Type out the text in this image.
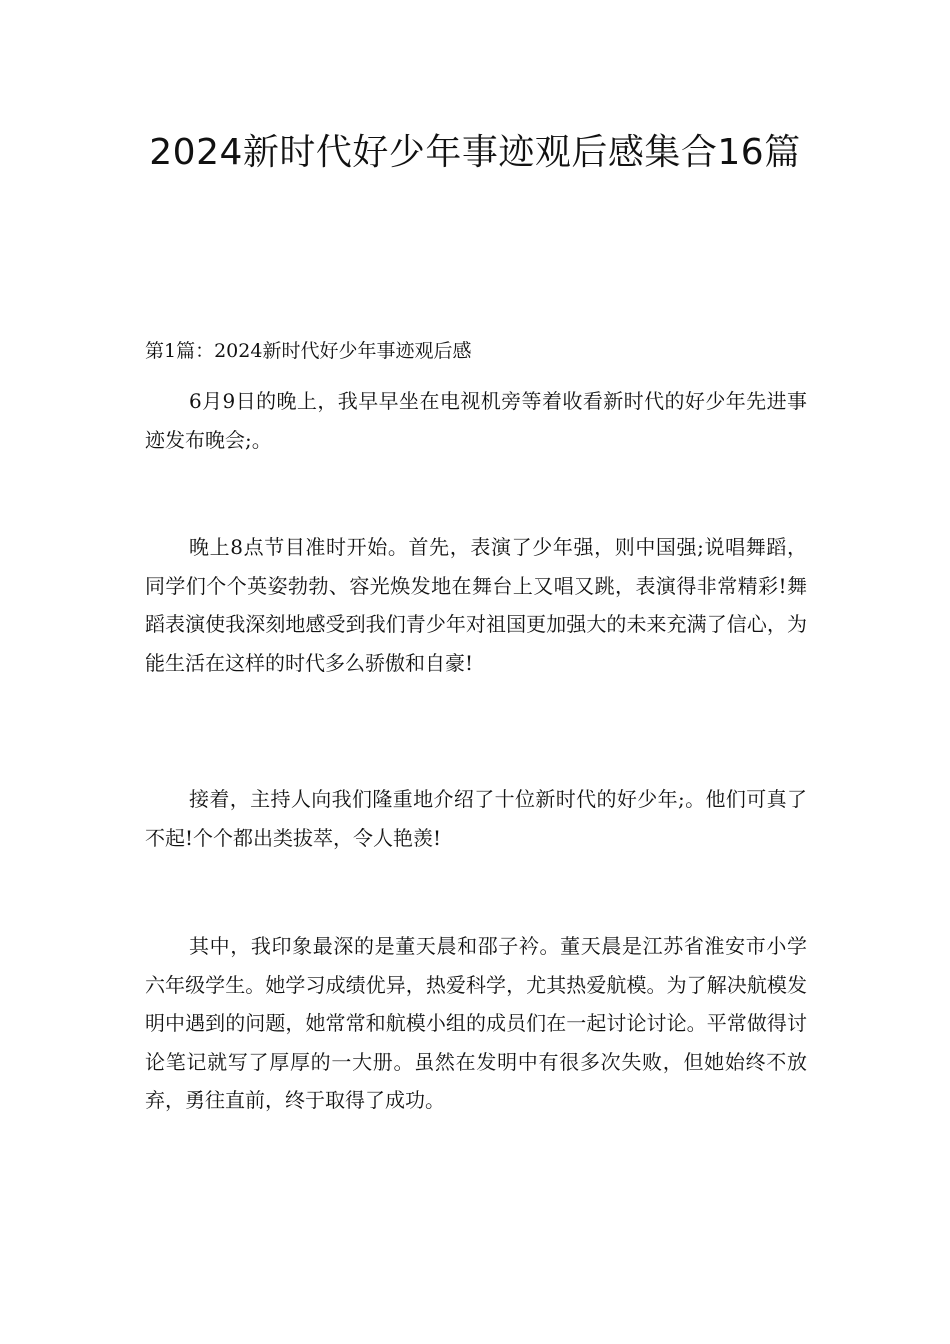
2024新时代好少年事迹观后感集合16篇

第1篇：2024新时代好少年事迹观后感

6月9日的晚上，我早早坐在电视机旁等着收看新时代的好少年先进事迹发布晚会;。

晚上8点节目准时开始。首先，表演了少年强，则中国强;说唱舞蹈，同学们个个英姿勃勃、容光焕发地在舞台上又唱又跳，表演得非常精彩!舞蹈表演使我深刻地感受到我们青少年对祖国更加强大的未来充满了信心，为能生活在这样的时代多么骄傲和自豪!

接着，主持人向我们隆重地介绍了十位新时代的好少年;。他们可真了不起!个个都出类拔萃，令人艳羡!

其中，我印象最深的是董天晨和邵子衿。董天晨是江苏省淮安市小学六年级学生。她学习成绩优异，热爱科学，尤其热爱航模。为了解决航模发明中遇到的问题，她常常和航模小组的成员们在一起讨论讨论。平常做得讨论笔记就写了厚厚的一大册。虽然在发明中有很多次失败，但她始终不放弃，勇往直前，终于取得了成功。
